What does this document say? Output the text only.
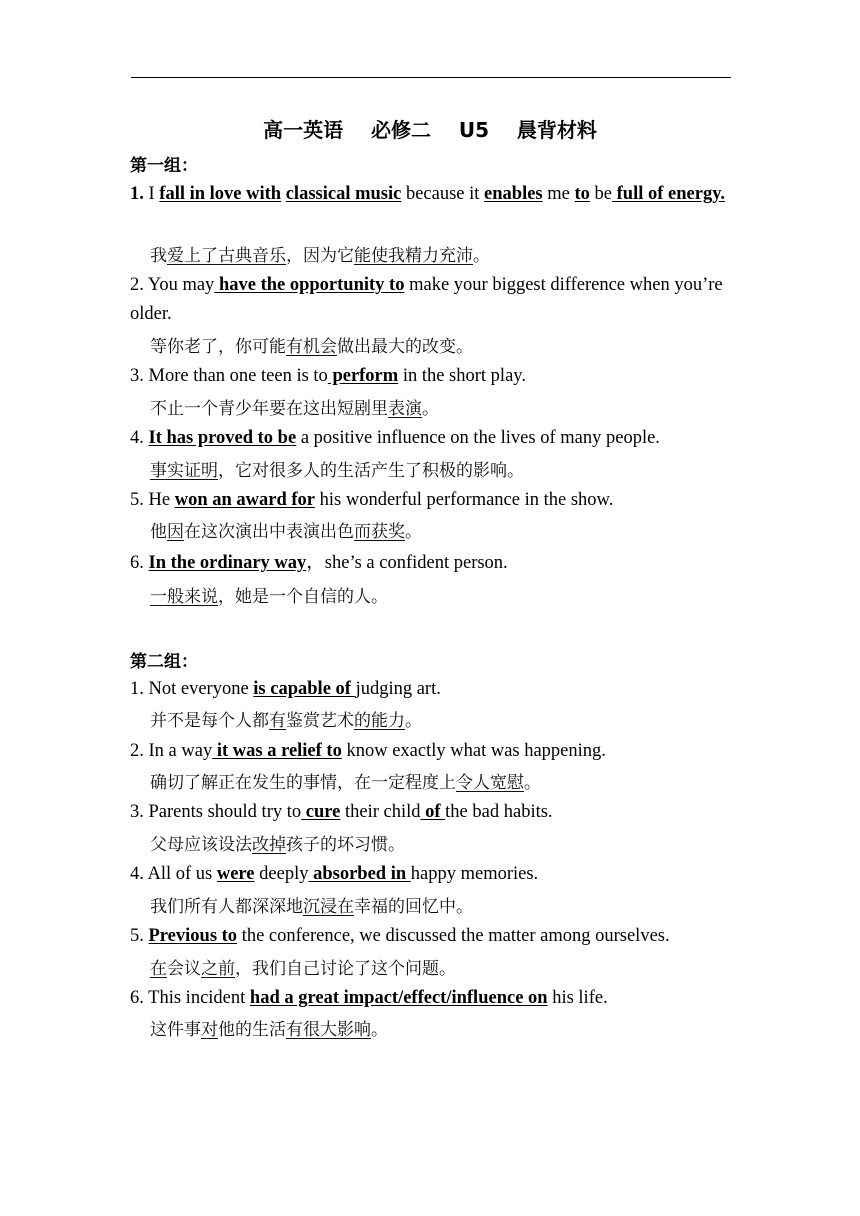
高一英语    必修二    U5    晨背材料
第一组：
1. I fall in love with classical music because it enables me to be full of energy.
我爱上了古典音乐，因为它能使我精力充沛。
2. You may have the opportunity to make your biggest difference when you’re older.
等你老了，你可能有机会做出最大的改变。
3. More than one teen is to perform in the short play.
不止一个青少年要在这出短剧里表演。
4. It has proved to be a positive influence on the lives of many people.
事实证明，它对很多人的生活产生了积极的影响。
5. He won an award for his wonderful performance in the show.
他因在这次演出中表演出色而获奖。
6. In the ordinary way，she’s a confident person.
一般来说，她是一个自信的人。
第二组：
1. Not everyone is capable of judging art.
并不是每个人都有鉴赏艺术的能力。
2. In a way it was a relief to know exactly what was happening.
确切了解正在发生的事情，在一定程度上令人宽慰。
3. Parents should try to cure their child of the bad habits.
父母应该设法改掉孩子的坏习惯。
4. All of us were deeply absorbed in happy memories.
我们所有人都深深地沉浸在幸福的回忆中。
5. Previous to the conference, we discussed the matter among ourselves.
在会议之前，我们自己讨论了这个问题。
6. This incident had a great impact/effect/influence on his life.
这件事对他的生活有很大影响。
